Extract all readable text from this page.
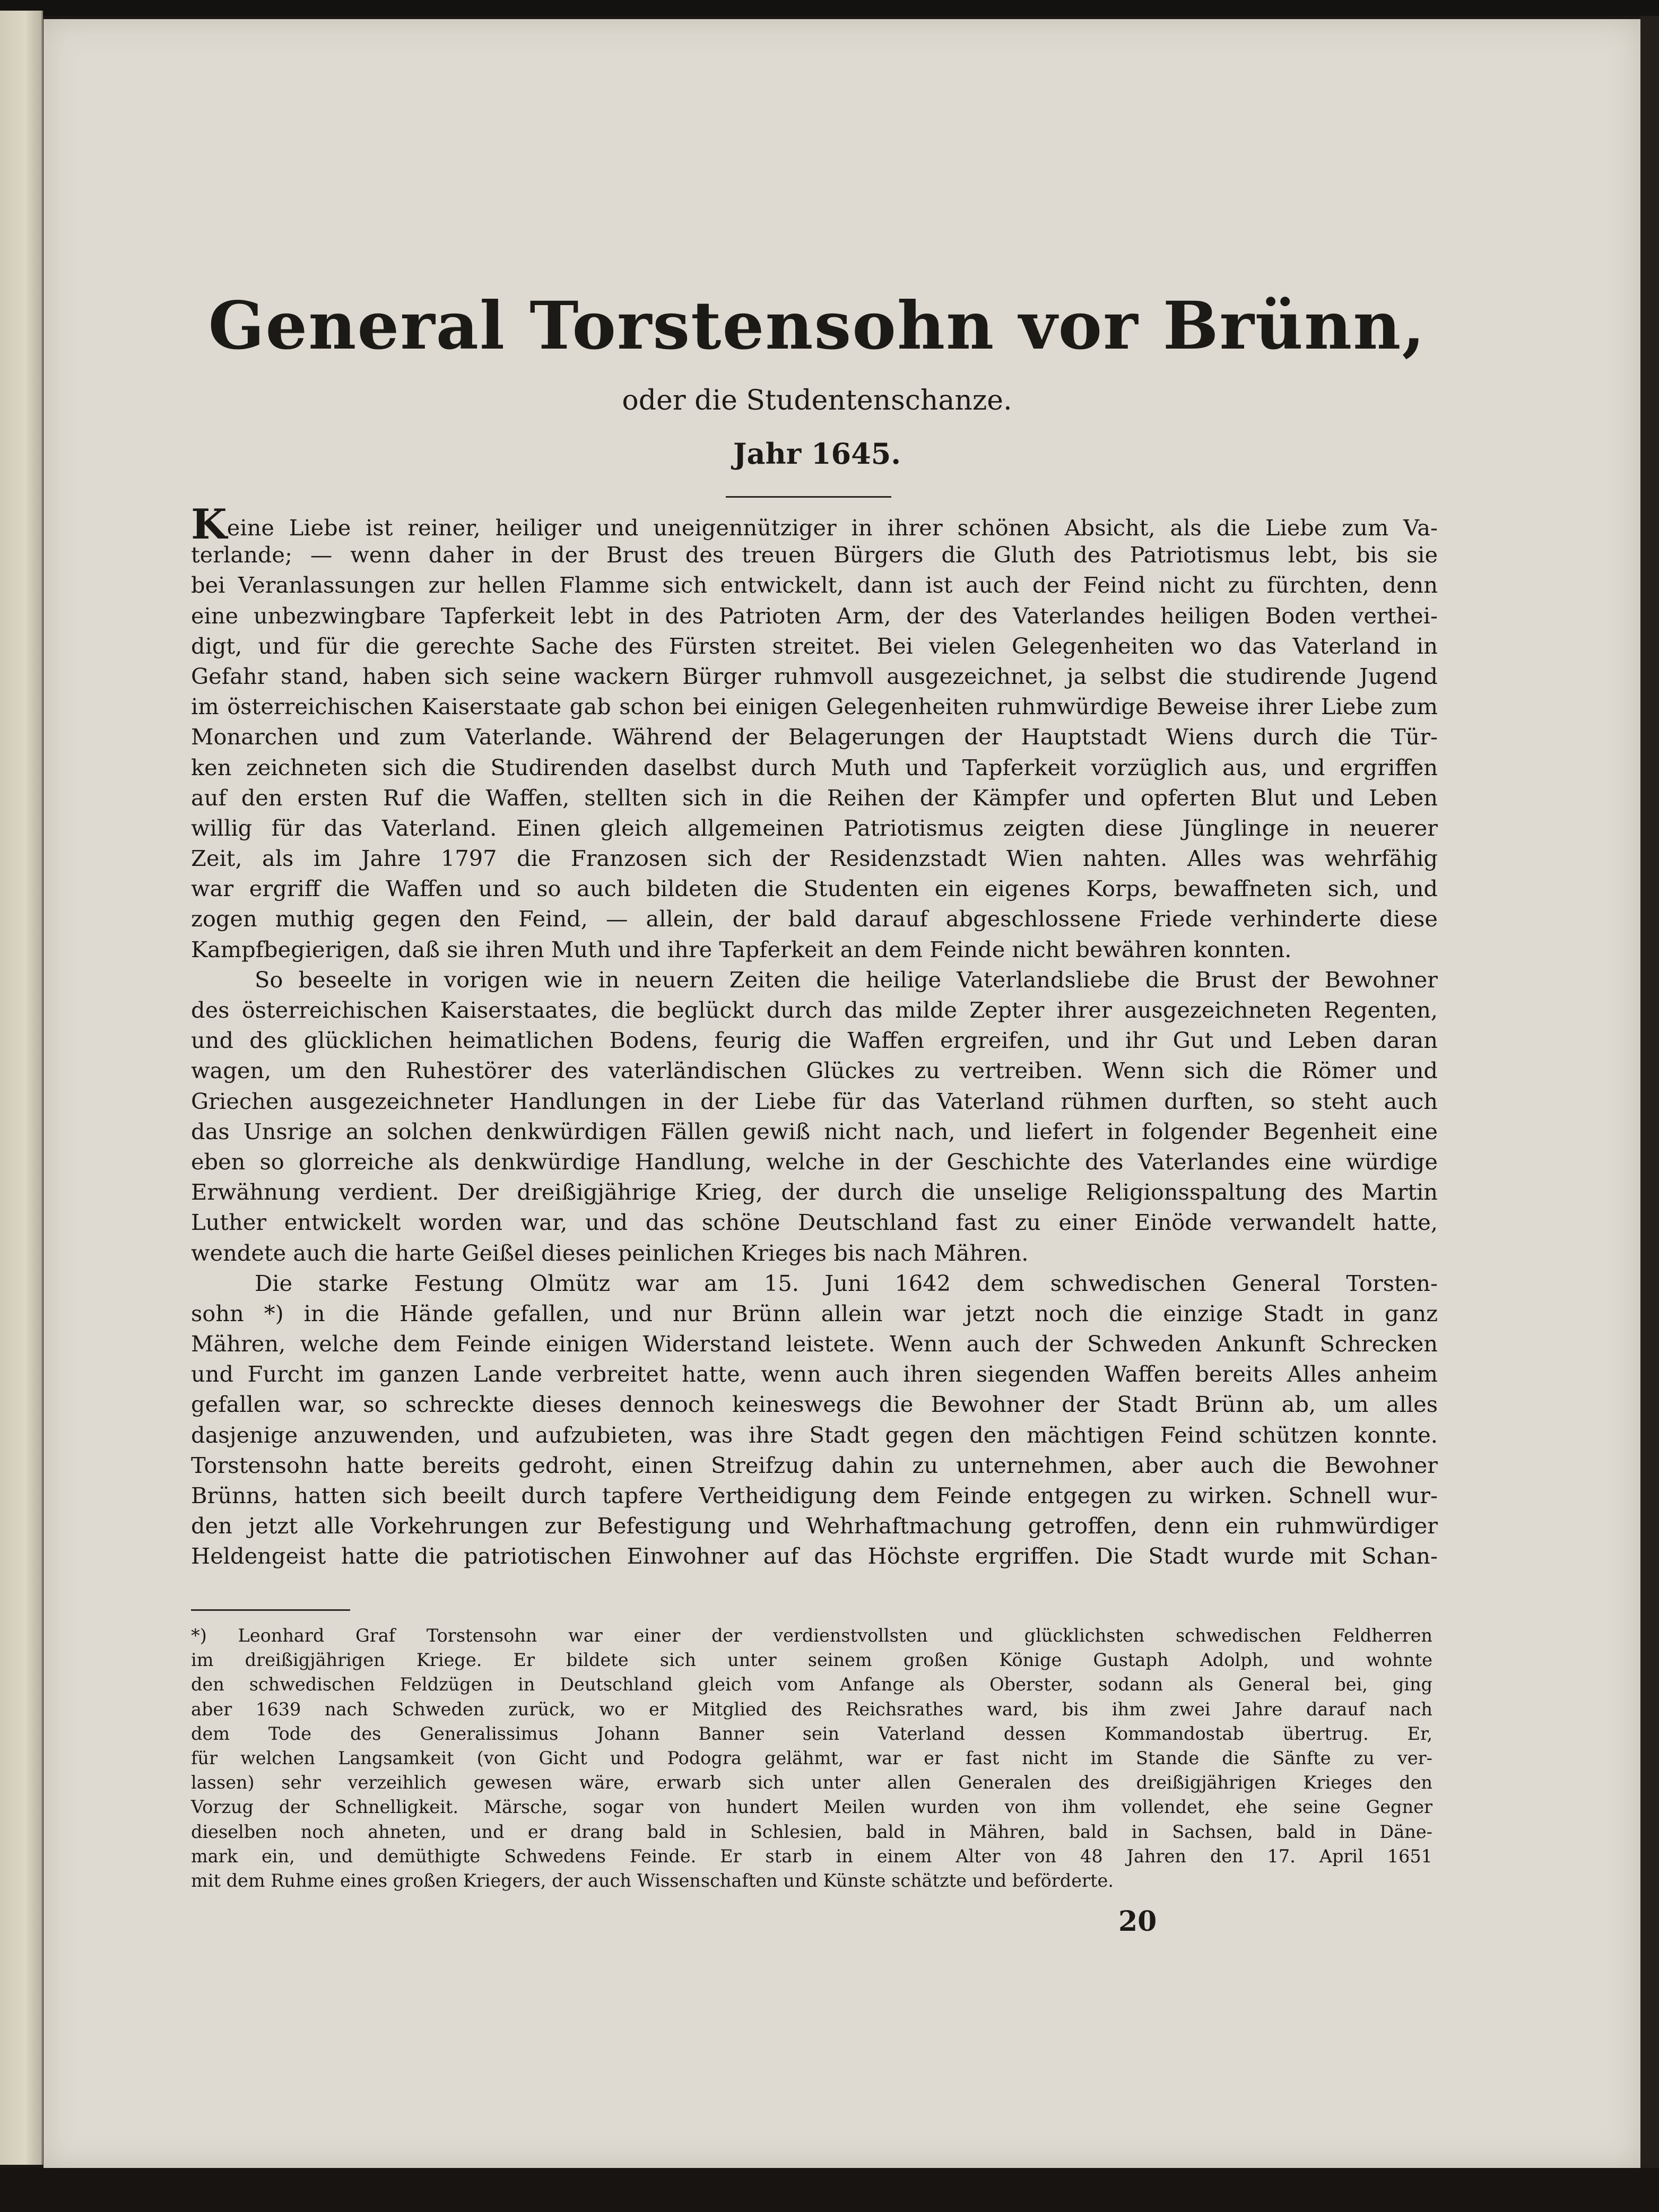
General Torstensohn vor Brünn,
oder die Studentenschanze.
Jahr 1645.
Keine Liebe ist reiner, heiliger und uneigennütziger in ihrer schönen Absicht, als die Liebe zum Va-
terlande; — wenn daher in der Brust des treuen Bürgers die Gluth des Patriotismus lebt, bis sie
bei Veranlassungen zur hellen Flamme sich entwickelt, dann ist auch der Feind nicht zu fürchten, denn
eine unbezwingbare Tapferkeit lebt in des Patrioten Arm, der des Vaterlandes heiligen Boden verthei-
digt, und für die gerechte Sache des Fürsten streitet. Bei vielen Gelegenheiten wo das Vaterland in
Gefahr stand, haben sich seine wackern Bürger ruhmvoll ausgezeichnet, ja selbst die studirende Jugend
im österreichischen Kaiserstaate gab schon bei einigen Gelegenheiten ruhmwürdige Beweise ihrer Liebe zum
Monarchen und zum Vaterlande. Während der Belagerungen der Hauptstadt Wiens durch die Tür-
ken zeichneten sich die Studirenden daselbst durch Muth und Tapferkeit vorzüglich aus, und ergriffen
auf den ersten Ruf die Waffen, stellten sich in die Reihen der Kämpfer und opferten Blut und Leben
willig für das Vaterland. Einen gleich allgemeinen Patriotismus zeigten diese Jünglinge in neuerer
Zeit, als im Jahre 1797 die Franzosen sich der Residenzstadt Wien nahten. Alles was wehrfähig
war ergriff die Waffen und so auch bildeten die Studenten ein eigenes Korps, bewaffneten sich, und
zogen muthig gegen den Feind, — allein, der bald darauf abgeschlossene Friede verhinderte diese
Kampfbegierigen, daß sie ihren Muth und ihre Tapferkeit an dem Feinde nicht bewähren konnten.
So beseelte in vorigen wie in neuern Zeiten die heilige Vaterlandsliebe die Brust der Bewohner
des österreichischen Kaiserstaates, die beglückt durch das milde Zepter ihrer ausgezeichneten Regenten,
und des glücklichen heimatlichen Bodens, feurig die Waffen ergreifen, und ihr Gut und Leben daran
wagen, um den Ruhestörer des vaterländischen Glückes zu vertreiben. Wenn sich die Römer und
Griechen ausgezeichneter Handlungen in der Liebe für das Vaterland rühmen durften, so steht auch
das Unsrige an solchen denkwürdigen Fällen gewiß nicht nach, und liefert in folgender Begenheit eine
eben so glorreiche als denkwürdige Handlung, welche in der Geschichte des Vaterlandes eine würdige
Erwähnung verdient. Der dreißigjährige Krieg, der durch die unselige Religionsspaltung des Martin
Luther entwickelt worden war, und das schöne Deutschland fast zu einer Einöde verwandelt hatte,
wendete auch die harte Geißel dieses peinlichen Krieges bis nach Mähren.
Die starke Festung Olmütz war am 15. Juni 1642 dem schwedischen General Torsten-
sohn *) in die Hände gefallen, und nur Brünn allein war jetzt noch die einzige Stadt in ganz
Mähren, welche dem Feinde einigen Widerstand leistete. Wenn auch der Schweden Ankunft Schrecken
und Furcht im ganzen Lande verbreitet hatte, wenn auch ihren siegenden Waffen bereits Alles anheim
gefallen war, so schreckte dieses dennoch keineswegs die Bewohner der Stadt Brünn ab, um alles
dasjenige anzuwenden, und aufzubieten, was ihre Stadt gegen den mächtigen Feind schützen konnte.
Torstensohn hatte bereits gedroht, einen Streifzug dahin zu unternehmen, aber auch die Bewohner
Brünns, hatten sich beeilt durch tapfere Vertheidigung dem Feinde entgegen zu wirken. Schnell wur-
den jetzt alle Vorkehrungen zur Befestigung und Wehrhaftmachung getroffen, denn ein ruhmwürdiger
Heldengeist hatte die patriotischen Einwohner auf das Höchste ergriffen. Die Stadt wurde mit Schan-
*) Leonhard Graf Torstensohn war einer der verdienstvollsten und glücklichsten schwedischen Feldherren
im dreißigjährigen Kriege. Er bildete sich unter seinem großen Könige Gustaph Adolph, und wohnte
den schwedischen Feldzügen in Deutschland gleich vom Anfange als Oberster, sodann als General bei, ging
aber 1639 nach Schweden zurück, wo er Mitglied des Reichsrathes ward, bis ihm zwei Jahre darauf nach
dem Tode des Generalissimus Johann Banner sein Vaterland dessen Kommandostab übertrug. Er,
für welchen Langsamkeit (von Gicht und Podogra gelähmt, war er fast nicht im Stande die Sänfte zu ver-
lassen) sehr verzeihlich gewesen wäre, erwarb sich unter allen Generalen des dreißigjährigen Krieges den
Vorzug der Schnelligkeit. Märsche, sogar von hundert Meilen wurden von ihm vollendet, ehe seine Gegner
dieselben noch ahneten, und er drang bald in Schlesien, bald in Mähren, bald in Sachsen, bald in Däne-
mark ein, und demüthigte Schwedens Feinde. Er starb in einem Alter von 48 Jahren den 17. April 1651
mit dem Ruhme eines großen Kriegers, der auch Wissenschaften und Künste schätzte und beförderte.
20
